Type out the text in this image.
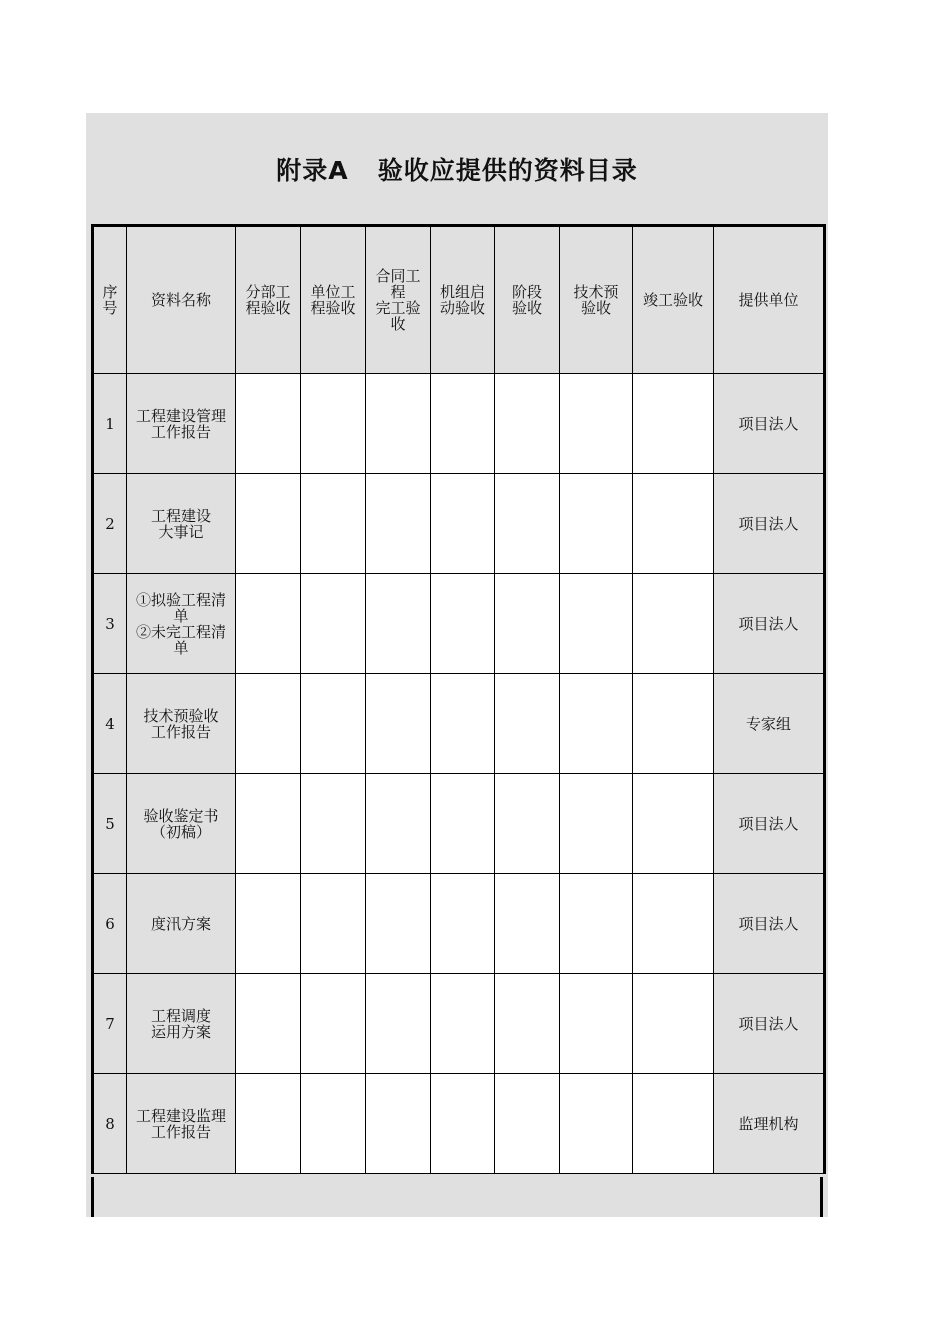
附录A   验收应提供的资料目录
序
号	资料名称	分部工
程验收	单位工
程验收	合同工
程
完工验
收	机组启
动验收	阶段
验收	技术预
验收	竣工验收	提供单位
1	工程建设管理
工作报告								项目法人
2	工程建设
大事记								项目法人
3	①拟验工程清
单
②未完工程清
单								项目法人
4	技术预验收
工作报告								专家组
5	验收鉴定书
（初稿）								项目法人
6	度汛方案								项目法人
7	工程调度
运用方案								项目法人
8	工程建设监理
工作报告								监理机构
